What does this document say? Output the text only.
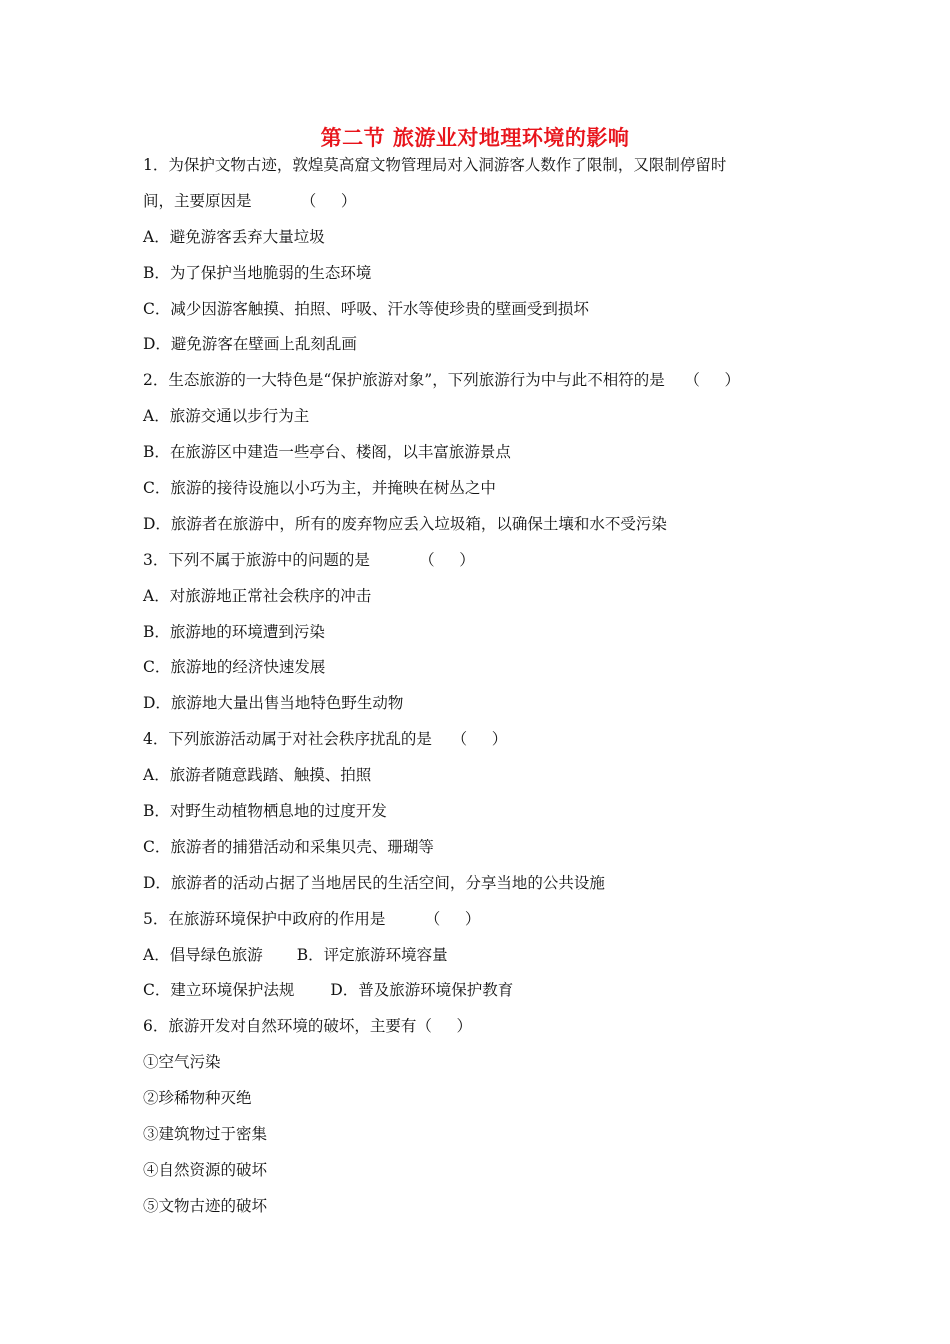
第二节 旅游业对地理环境的影响

1．为保护文物古迹，敦煌莫高窟文物管理局对入洞游客人数作了限制，又限制停留时

间，主要原因是          （     ）

A．避免游客丢弃大量垃圾

B．为了保护当地脆弱的生态环境

C．减少因游客触摸、拍照、呼吸、汗水等使珍贵的壁画受到损坏

D．避免游客在壁画上乱刻乱画

2．生态旅游的一大特色是“保护旅游对象”，下列旅游行为中与此不相符的是    （     ）

A．旅游交通以步行为主

B．在旅游区中建造一些亭台、楼阁，以丰富旅游景点

C．旅游的接待设施以小巧为主，并掩映在树丛之中

D．旅游者在旅游中，所有的废弃物应丢入垃圾箱，以确保土壤和水不受污染

3．下列不属于旅游中的问题的是          （     ）

A．对旅游地正常社会秩序的冲击

B．旅游地的环境遭到污染

C．旅游地的经济快速发展

D．旅游地大量出售当地特色野生动物

4．下列旅游活动属于对社会秩序扰乱的是    （     ）

A．旅游者随意践踏、触摸、拍照

B．对野生动植物栖息地的过度开发

C．旅游者的捕猎活动和采集贝壳、珊瑚等

D．旅游者的活动占据了当地居民的生活空间，分享当地的公共设施

5．在旅游环境保护中政府的作用是        （     ）

A．倡导绿色旅游 B．评定旅游环境容量

C．建立环境保护法规 D．普及旅游环境保护教育

6．旅游开发对自然环境的破坏，主要有（     ）

①空气污染

②珍稀物种灭绝

③建筑物过于密集

④自然资源的破坏

⑤文物古迹的破坏
